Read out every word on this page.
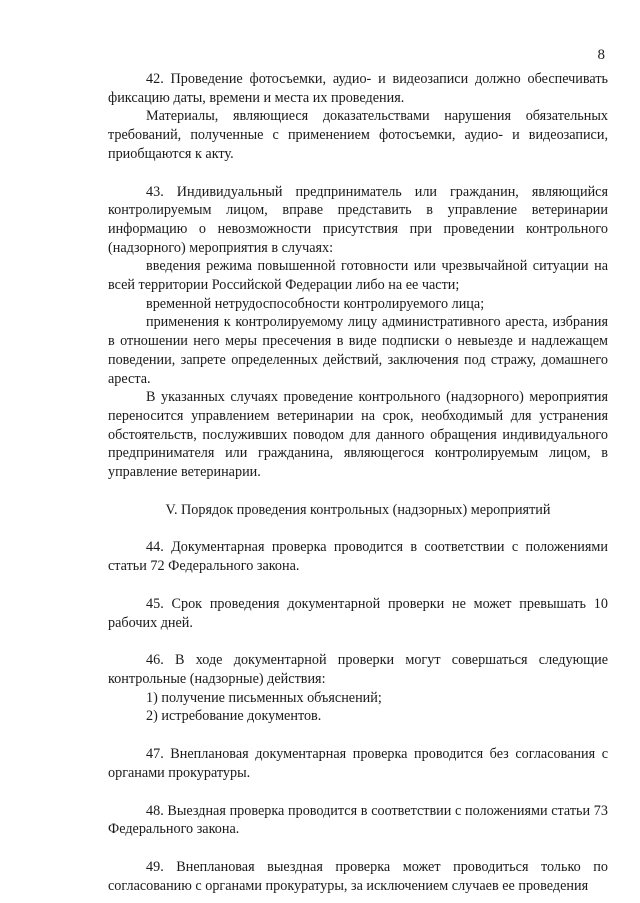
8

42. Проведение фотосъемки, аудио- и видеозаписи должно обеспечивать фиксацию даты, времени и места их проведения.

Материалы, являющиеся доказательствами нарушения обязательных требований, полученные с применением фотосъемки, аудио- и видеозаписи, приобщаются к акту.

43. Индивидуальный предприниматель или гражданин, являющийся контролируемым лицом, вправе представить в управление ветеринарии информацию о невозможности присутствия при проведении контрольного (надзорного) мероприятия в случаях:

введения режима повышенной готовности или чрезвычайной ситуации на всей территории Российской Федерации либо на ее части;

временной нетрудоспособности контролируемого лица;

применения к контролируемому лицу административного ареста, избрания в отношении него меры пресечения в виде подписки о невыезде и надлежащем поведении, запрете определенных действий, заключения под стражу, домашнего ареста.

В указанных случаях проведение контрольного (надзорного) мероприятия переносится управлением ветеринарии на срок, необходимый для устранения обстоятельств, послуживших поводом для данного обращения индивидуального предпринимателя или гражданина, являющегося контролируемым лицом, в управление ветеринарии.

V. Порядок проведения контрольных (надзорных) мероприятий

44. Документарная проверка проводится в соответствии с положениями статьи 72 Федерального закона.

45. Срок проведения документарной проверки не может превышать 10 рабочих дней.

46. В ходе документарной проверки могут совершаться следующие контрольные (надзорные) действия:

1) получение письменных объяснений;

2) истребование документов.

47. Внеплановая документарная проверка проводится без согласования с органами прокуратуры.

48. Выездная проверка проводится в соответствии с положениями статьи 73 Федерального закона.

49. Внеплановая выездная проверка может проводиться только по согласованию с органами прокуратуры, за исключением случаев ее проведения
